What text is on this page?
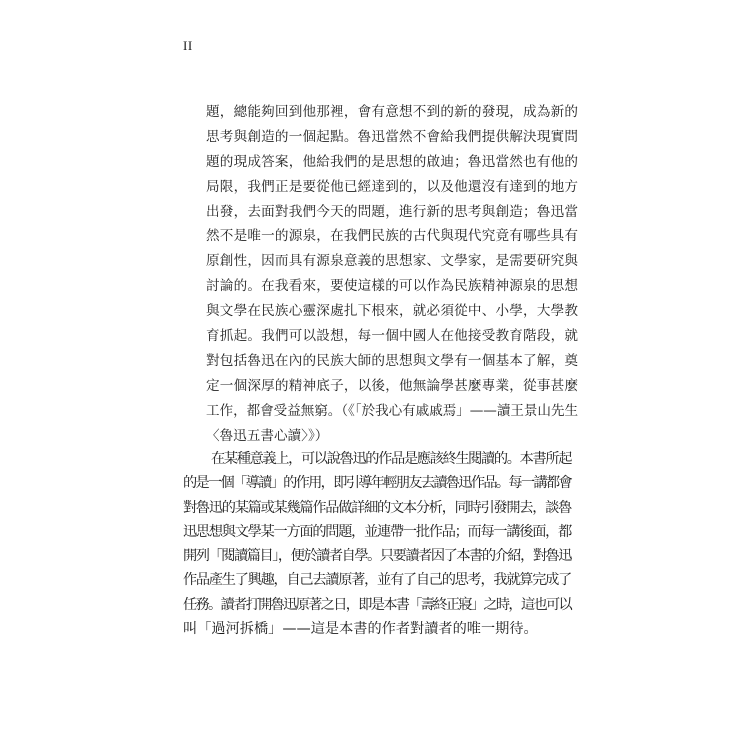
II
題，總能夠回到他那裡，會有意想不到的新的發現，成為新的
思考與創造的一個起點。魯迅當然不會給我們提供解決現實問
題的現成答案，他給我們的是思想的啟迪；魯迅當然也有他的
局限，我們正是要從他已經達到的，以及他還沒有達到的地方
出發，去面對我們今天的問題，進行新的思考與創造；魯迅當
然不是唯一的源泉，在我們民族的古代與現代究竟有哪些具有
原創性，因而具有源泉意義的思想家、文學家，是需要研究與
討論的。在我看來，要使這樣的可以作為民族精神源泉的思想
與文學在民族心靈深處扎下根來，就必須從中、小學，大學教
育抓起。我們可以設想，每一個中國人在他接受教育階段，就
對包括魯迅在內的民族大師的思想與文學有一個基本了解，奠
定一個深厚的精神底子，以後，他無論學甚麼專業，從事甚麼
工作，都會受益無窮。（《「於我心有戚戚焉」——讀王景山先生
〈魯迅五書心讀〉》）
在某種意義上，可以說魯迅的作品是應該終生閱讀的。本書所起
的是一個「導讀」的作用，即引導年輕朋友去讀魯迅作品。每一講都會
對魯迅的某篇或某幾篇作品做詳細的文本分析，同時引發開去，談魯
迅思想與文學某一方面的問題，並連帶一批作品；而每一講後面，都
開列「閱讀篇目」，便於讀者自學。只要讀者因了本書的介紹，對魯迅
作品產生了興趣，自己去讀原著，並有了自己的思考，我就算完成了
任務。讀者打開魯迅原著之日，即是本書「壽終正寢」之時，這也可以
叫「過河拆橋」——這是本書的作者對讀者的唯一期待。
